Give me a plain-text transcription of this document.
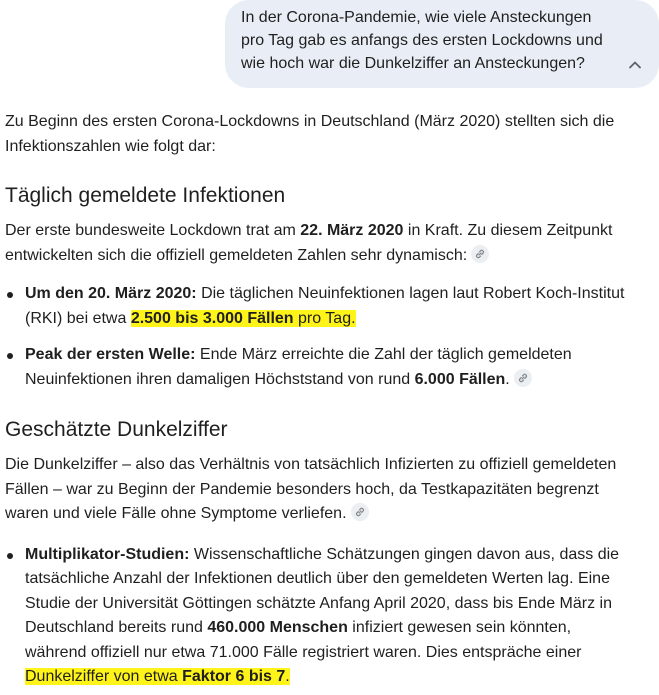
In der Corona-Pandemie, wie viele Ansteckungen
pro Tag gab es anfangs des ersten Lockdowns und
wie hoch war die Dunkelziffer an Ansteckungen?

Zu Beginn des ersten Corona-Lockdowns in Deutschland (März 2020) stellten sich die
Infektionszahlen wie folgt dar:

Täglich gemeldete Infektionen

Der erste bundesweite Lockdown trat am 22. März 2020 in Kraft. Zu diesem Zeitpunkt
entwickelten sich die offiziell gemeldeten Zahlen sehr dynamisch:

Um den 20. März 2020: Die täglichen Neuinfektionen lagen laut Robert Koch-Institut
(RKI) bei etwa 2.500 bis 3.000 Fällen pro Tag.

Peak der ersten Welle: Ende März erreichte die Zahl der täglich gemeldeten
Neuinfektionen ihren damaligen Höchststand von rund 6.000 Fällen.

Geschätzte Dunkelziffer

Die Dunkelziffer – also das Verhältnis von tatsächlich Infizierten zu offiziell gemeldeten
Fällen – war zu Beginn der Pandemie besonders hoch, da Testkapazitäten begrenzt
waren und viele Fälle ohne Symptome verliefen.

Multiplikator-Studien: Wissenschaftliche Schätzungen gingen davon aus, dass die
tatsächliche Anzahl der Infektionen deutlich über den gemeldeten Werten lag. Eine
Studie der Universität Göttingen schätzte Anfang April 2020, dass bis Ende März in
Deutschland bereits rund 460.000 Menschen infiziert gewesen sein könnten,
während offiziell nur etwa 71.000 Fälle registriert waren. Dies entspräche einer
Dunkelziffer von etwa Faktor 6 bis 7.
